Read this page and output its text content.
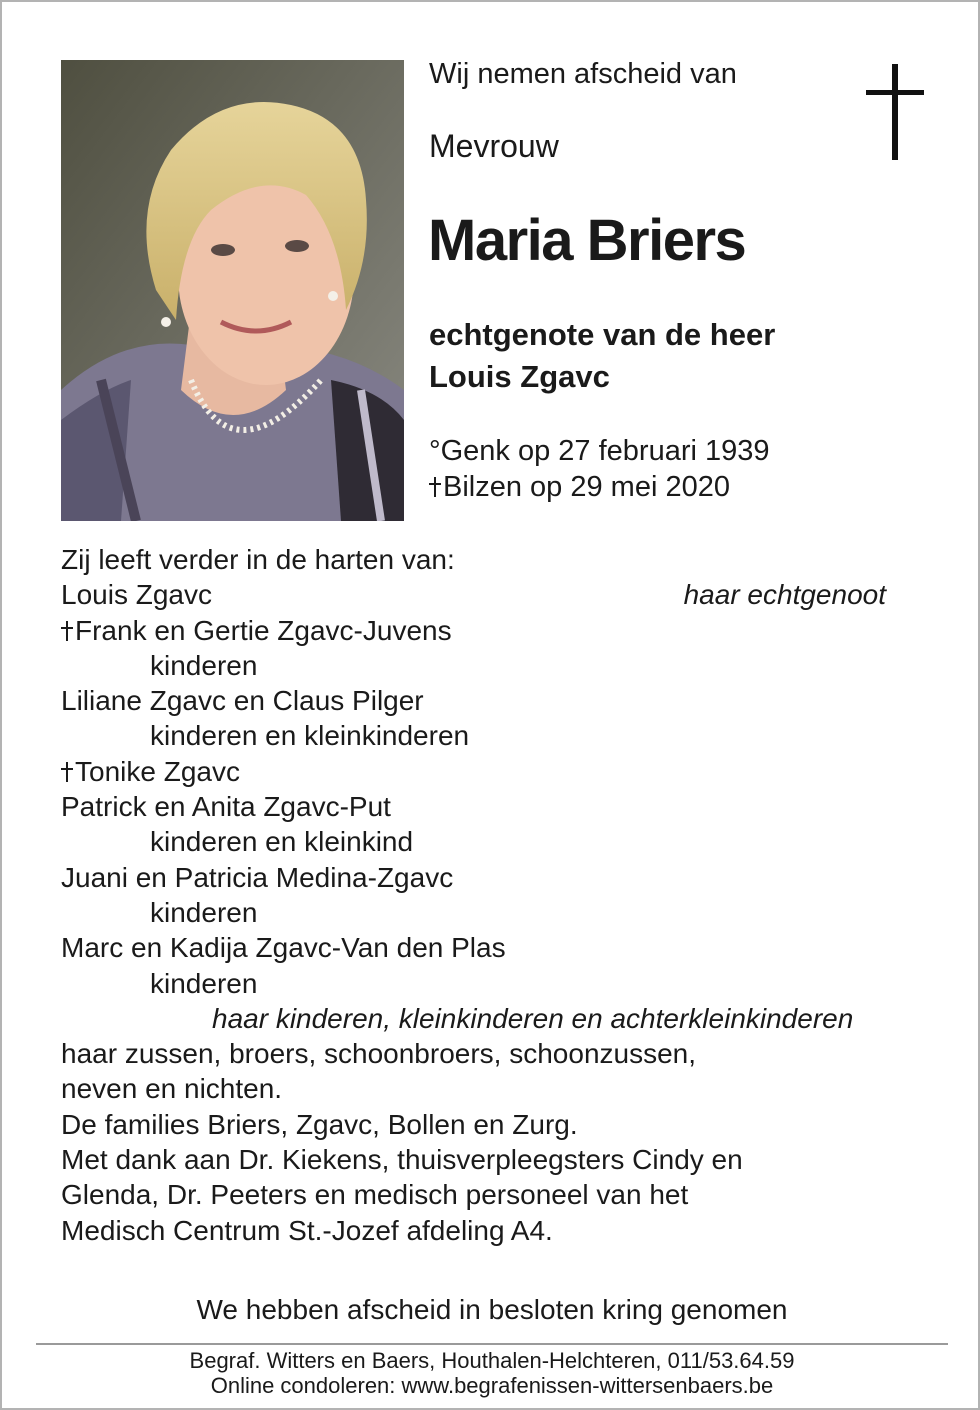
Wij nemen afscheid van
Mevrouw
Maria Briers
echtgenote van de heer
Louis Zgavc
°Genk op 27 februari 1939
Bilzen op 29 mei 2020
Zij leeft verder in de harten van:
Louis Zgavc	haar echtgenoot
Frank en Gertie Zgavc-Juvens
kinderen
Liliane Zgavc en Claus Pilger
kinderen en kleinkinderen
Tonike Zgavc
Patrick en Anita Zgavc-Put
kinderen en kleinkind
Juani en Patricia Medina-Zgavc
kinderen
Marc en Kadija Zgavc-Van den Plas
kinderen
haar kinderen, kleinkinderen en achterkleinkinderen
haar zussen, broers, schoonbroers, schoonzussen,
neven en nichten.
De families Briers, Zgavc, Bollen en Zurg.
Met dank aan Dr. Kiekens, thuisverpleegsters Cindy en
Glenda, Dr. Peeters en medisch personeel van het
Medisch Centrum St.-Jozef afdeling A4.
We hebben afscheid in besloten kring genomen
Begraf. Witters en Baers, Houthalen-Helchteren, 011/53.64.59
Online condoleren: www.begrafenissen-wittersenbaers.be
